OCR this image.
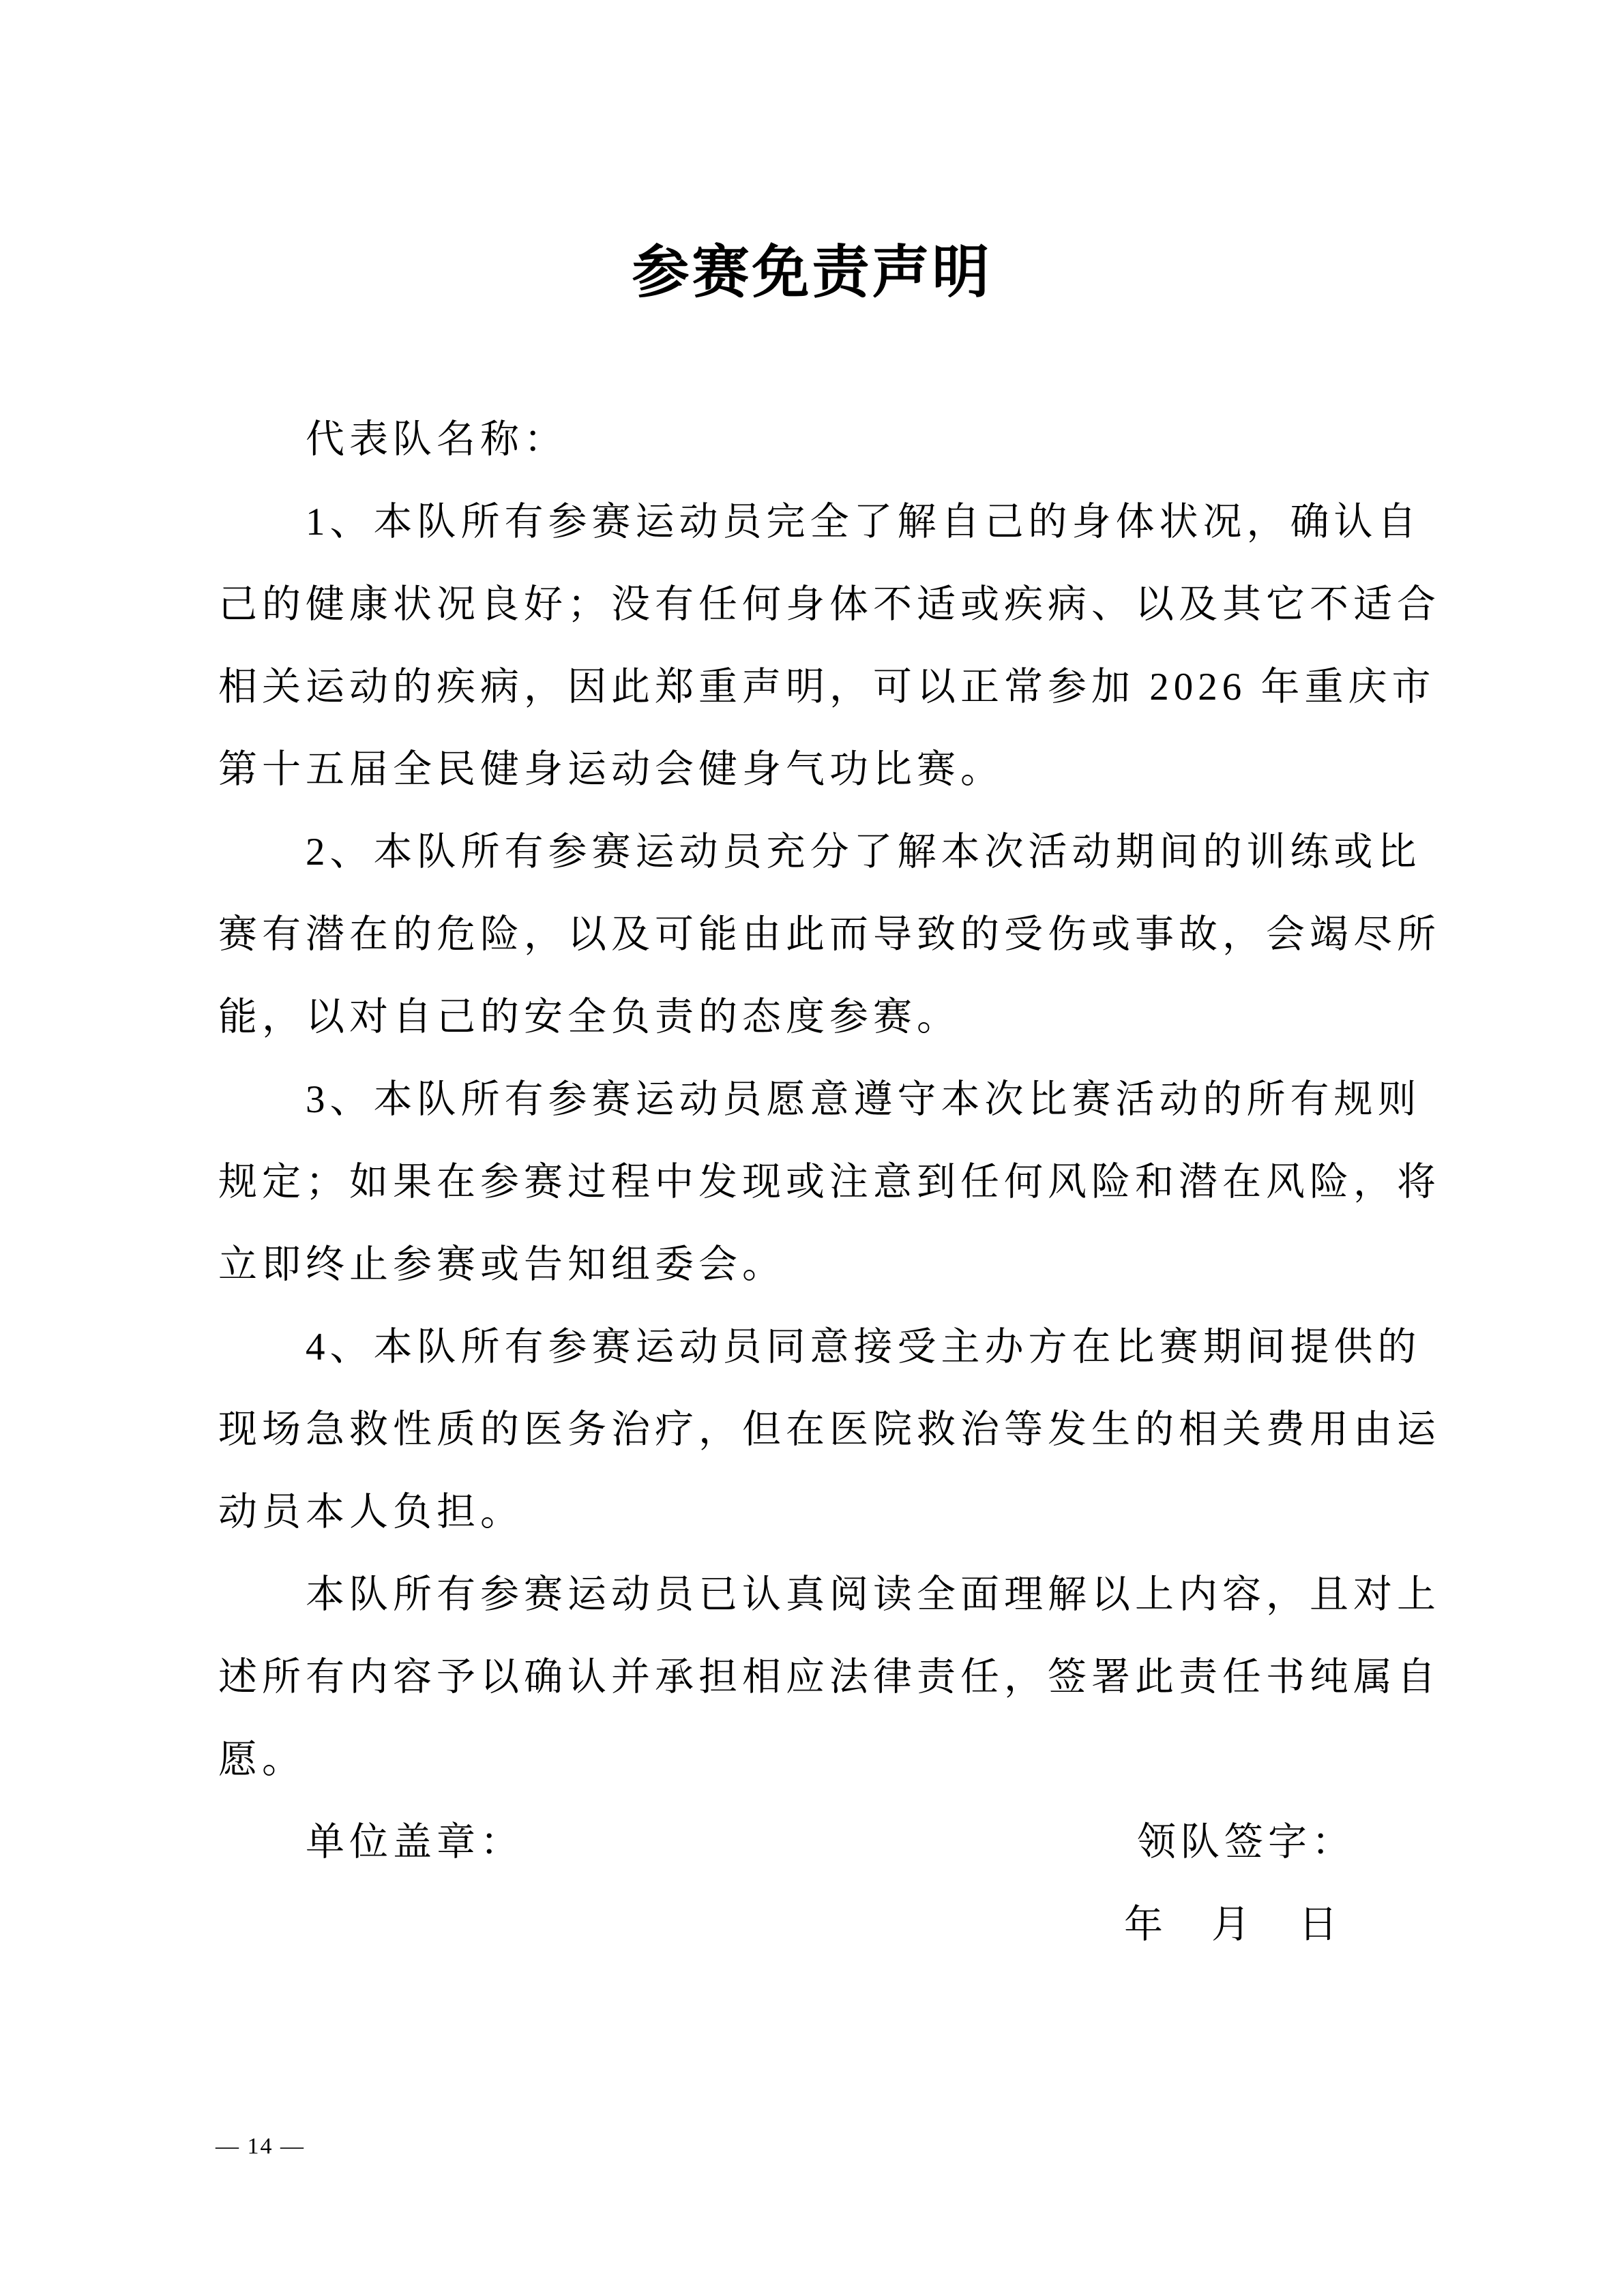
参赛免责声明
代表队名称：
1、本队所有参赛运动员完全了解自己的身体状况，确认自
己的健康状况良好；没有任何身体不适或疾病、以及其它不适合
相关运动的疾病，因此郑重声明，可以正常参加 2026 年重庆市
第十五届全民健身运动会健身气功比赛。
2、本队所有参赛运动员充分了解本次活动期间的训练或比
赛有潜在的危险，以及可能由此而导致的受伤或事故，会竭尽所
能，以对自己的安全负责的态度参赛。
3、本队所有参赛运动员愿意遵守本次比赛活动的所有规则
规定；如果在参赛过程中发现或注意到任何风险和潜在风险，将
立即终止参赛或告知组委会。
4、本队所有参赛运动员同意接受主办方在比赛期间提供的
现场急救性质的医务治疗，但在医院救治等发生的相关费用由运
动员本人负担。
本队所有参赛运动员已认真阅读全面理解以上内容，且对上
述所有内容予以确认并承担相应法律责任，签署此责任书纯属自
愿。
单位盖章：	领队签字：
年　月　日
— 14 —
